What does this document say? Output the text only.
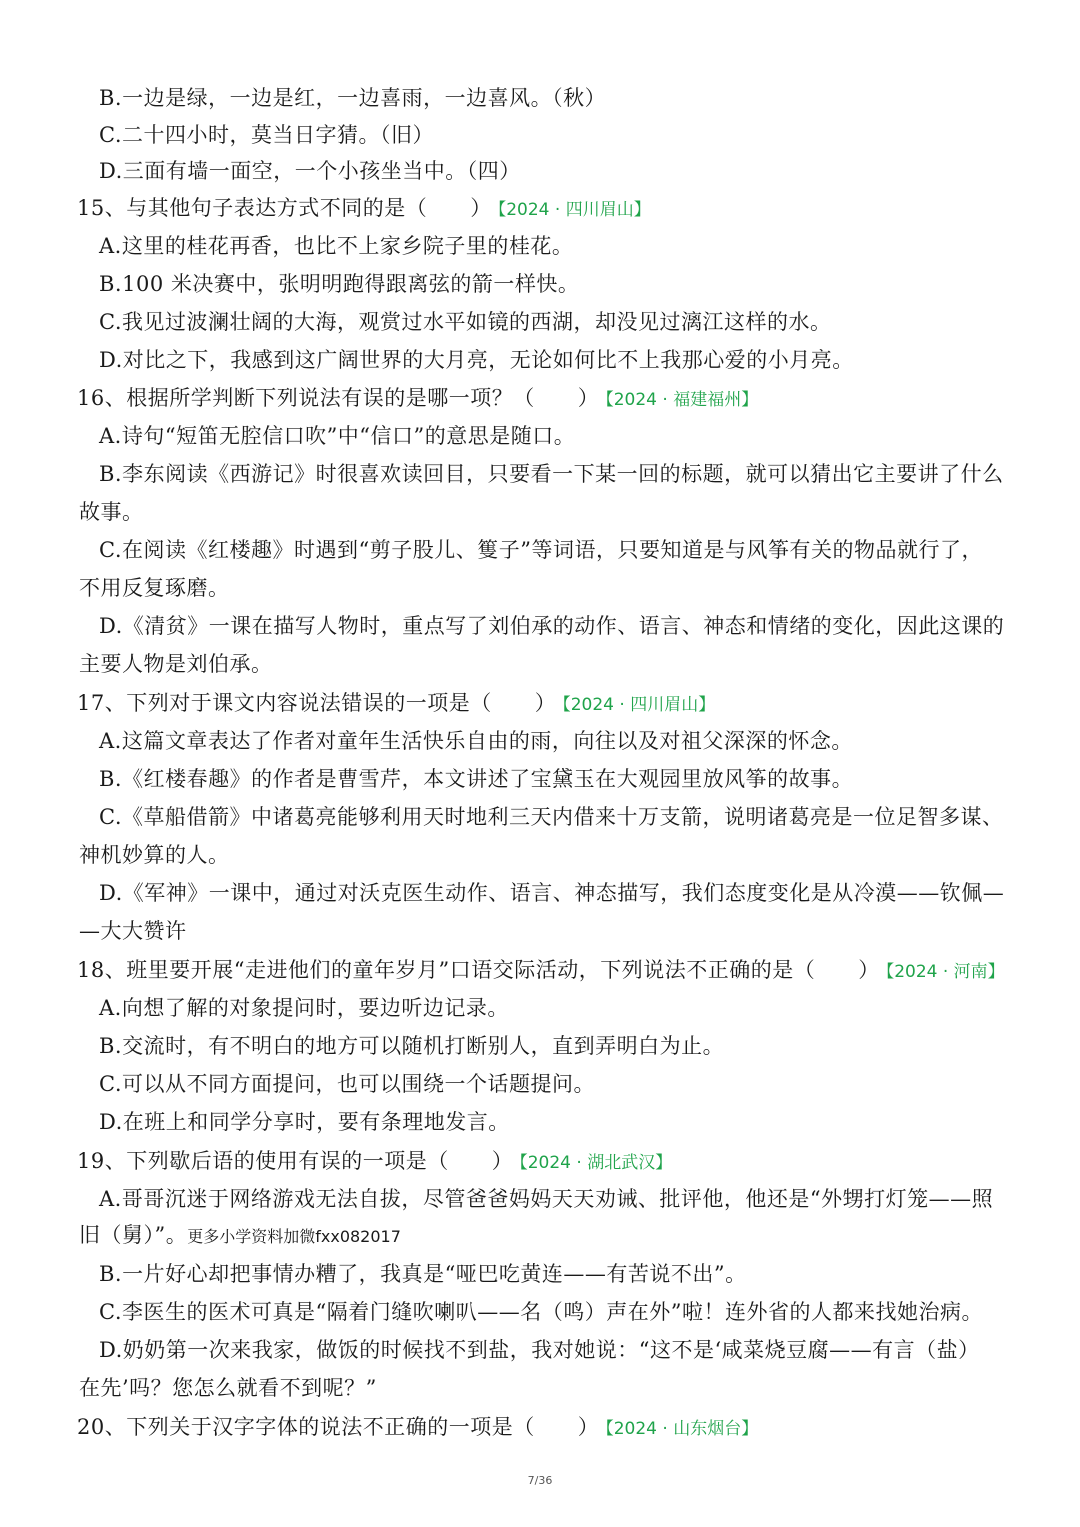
B.一边是绿，一边是红，一边喜雨，一边喜风。（秋）
C.二十四小时，莫当日字猜。（旧）
D.三面有墙一面空，一个小孩坐当中。（四）
15、与其他句子表达方式不同的是（　　） 【2024 · 四川眉山】
A.这里的桂花再香，也比不上家乡院子里的桂花。
B.100 米决赛中，张明明跑得跟离弦的箭一样快。
C.我见过波澜壮阔的大海，观赏过水平如镜的西湖，却没见过漓江这样的水。
D.对比之下，我感到这广阔世界的大月亮，无论如何比不上我那心爱的小月亮。
16、根据所学判断下列说法有误的是哪一项？（　　） 【2024 · 福建福州】
A.诗句“短笛无腔信口吹”中“信口”的意思是随口。
B.李东阅读《西游记》时很喜欢读回目，只要看一下某一回的标题，就可以猜出它主要讲了什么
故事。
C.在阅读《红楼趣》时遇到“剪子股儿、篗子”等词语，只要知道是与风筝有关的物品就行了，
不用反复琢磨。
D.《清贫》一课在描写人物时，重点写了刘伯承的动作、语言、神态和情绪的变化，因此这课的
主要人物是刘伯承。
17、下列对于课文内容说法错误的一项是（　　） 【2024 · 四川眉山】
A.这篇文章表达了作者对童年生活快乐自由的雨，向往以及对祖父深深的怀念。
B.《红楼春趣》的作者是曹雪芹，本文讲述了宝黛玉在大观园里放风筝的故事。
C.《草船借箭》中诸葛亮能够利用天时地利三天内借来十万支箭，说明诸葛亮是一位足智多谋、
神机妙算的人。
D.《军神》一课中，通过对沃克医生动作、语言、神态描写，我们态度变化是从冷漠——钦佩—
—大大赞许
18、班里要开展“走进他们的童年岁月”口语交际活动，下列说法不正确的是（　　） 【2024 · 河南】
A.向想了解的对象提问时，要边听边记录。
B.交流时，有不明白的地方可以随机打断别人，直到弄明白为止。
C.可以从不同方面提问，也可以围绕一个话题提问。
D.在班上和同学分享时，要有条理地发言。
19、下列歇后语的使用有误的一项是（　　） 【2024 · 湖北武汉】
A.哥哥沉迷于网络游戏无法自拔，尽管爸爸妈妈天天劝诫、批评他，他还是“外甥打灯笼——照
旧（舅）”。更多小学资料加微fxx082017
B.一片好心却把事情办糟了，我真是“哑巴吃黄连——有苦说不出”。
C.李医生的医术可真是“隔着门缝吹喇叭——名（鸣）声在外”啦！连外省的人都来找她治病。
D.奶奶第一次来我家，做饭的时候找不到盐，我对她说：“这不是‘咸菜烧豆腐——有言（盐）
在先’吗？您怎么就看不到呢？”
20、下列关于汉字字体的说法不正确的一项是（　　） 【2024 · 山东烟台】
7/36
